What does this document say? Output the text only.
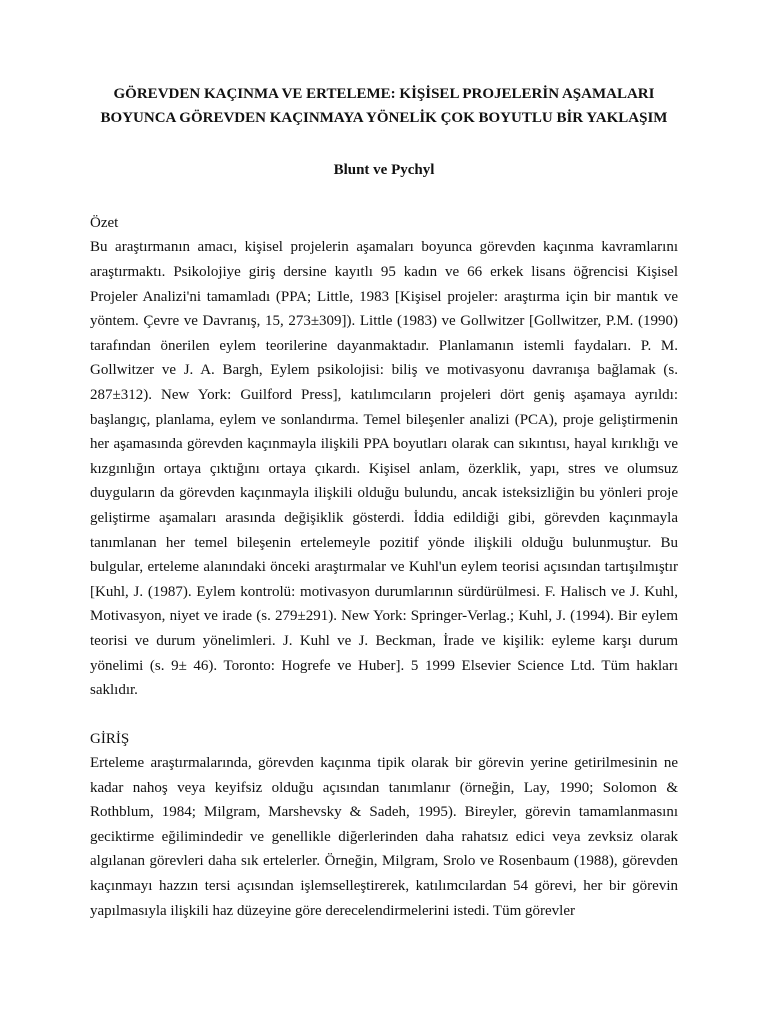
GÖREVDEN KAÇINMA VE ERTELEME: KİŞİSEL PROJELERİN AŞAMALARI
BOYUNCA GÖREVDEN KAÇINMAYA YÖNELİK ÇOK BOYUTLU BİR YAKLAŞIM

Blunt ve Pychyl

Özet

Bu araştırmanın amacı, kişisel projelerin aşamaları boyunca görevden kaçınma kavramlarını araştırmaktı. Psikolojiye giriş dersine kayıtlı 95 kadın ve 66 erkek lisans öğrencisi Kişisel Projeler Analizi'ni tamamladı (PPA; Little, 1983 [Kişisel projeler: araştırma için bir mantık ve yöntem. Çevre ve Davranış, 15, 273±309]). Little (1983) ve Gollwitzer [Gollwitzer, P.M. (1990) tarafından önerilen eylem teorilerine dayanmaktadır. Planlamanın istemli faydaları. P. M. Gollwitzer ve J. A. Bargh, Eylem psikolojisi: biliş ve motivasyonu davranışa bağlamak (s. 287±312). New York: Guilford Press], katılımcıların projeleri dört geniş aşamaya ayrıldı: başlangıç, planlama, eylem ve sonlandırma. Temel bileşenler analizi (PCA), proje geliştirmenin her aşamasında görevden kaçınmayla ilişkili PPA boyutları olarak can sıkıntısı, hayal kırıklığı ve kızgınlığın ortaya çıktığını ortaya çıkardı. Kişisel anlam, özerklik, yapı, stres ve olumsuz duyguların da görevden kaçınmayla ilişkili olduğu bulundu, ancak isteksizliğin bu yönleri proje geliştirme aşamaları arasında değişiklik gösterdi. İddia edildiği gibi, görevden kaçınmayla tanımlanan her temel bileşenin ertelemeyle pozitif yönde ilişkili olduğu bulunmuştur. Bu bulgular, erteleme alanındaki önceki araştırmalar ve Kuhl'un eylem teorisi açısından tartışılmıştır [Kuhl, J. (1987). Eylem kontrolü: motivasyon durumlarının sürdürülmesi. F. Halisch ve J. Kuhl, Motivasyon, niyet ve irade (s. 279±291). New York: Springer-Verlag.; Kuhl, J. (1994). Bir eylem teorisi ve durum yönelimleri. J. Kuhl ve J. Beckman, İrade ve kişilik: eyleme karşı durum yönelimi (s. 9± 46). Toronto: Hogrefe ve Huber]. 5 1999 Elsevier Science Ltd. Tüm hakları saklıdır.

GİRİŞ

Erteleme araştırmalarında, görevden kaçınma tipik olarak bir görevin yerine getirilmesinin ne kadar nahoş veya keyifsiz olduğu açısından tanımlanır (örneğin, Lay, 1990; Solomon & Rothblum, 1984; Milgram, Marshevsky & Sadeh, 1995). Bireyler, görevin tamamlanmasını geciktirme eğilimindedir ve genellikle diğerlerinden daha rahatsız edici veya zevksiz olarak algılanan görevleri daha sık ertelerler. Örneğin, Milgram, Srolo ve Rosenbaum (1988), görevden kaçınmayı hazzın tersi açısından işlemselleştirerek, katılımcılardan 54 görevi, her bir görevin yapılmasıyla ilişkili haz düzeyine göre derecelendirmelerini istedi. Tüm görevler
